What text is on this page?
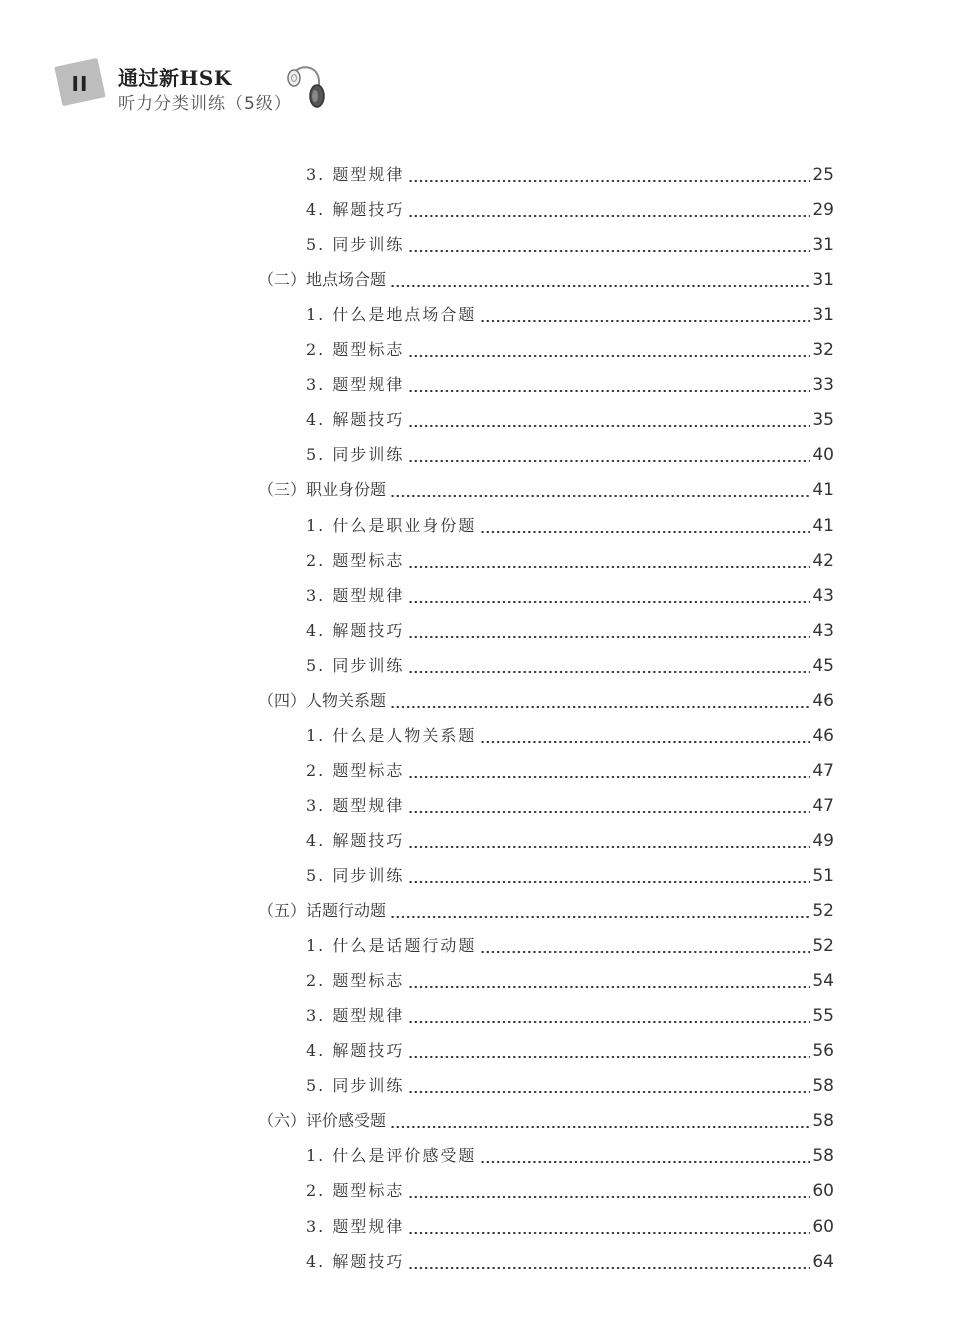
II	通过新HSK
听力分类训练（5级）
3. 题型规律	25
4. 解题技巧	29
5. 同步训练	31
（二）地点场合题	31
1. 什么是地点场合题	31
2. 题型标志	32
3. 题型规律	33
4. 解题技巧	35
5. 同步训练	40
（三）职业身份题	41
1. 什么是职业身份题	41
2. 题型标志	42
3. 题型规律	43
4. 解题技巧	43
5. 同步训练	45
（四）人物关系题	46
1. 什么是人物关系题	46
2. 题型标志	47
3. 题型规律	47
4. 解题技巧	49
5. 同步训练	51
（五）话题行动题	52
1. 什么是话题行动题	52
2. 题型标志	54
3. 题型规律	55
4. 解题技巧	56
5. 同步训练	58
（六）评价感受题	58
1. 什么是评价感受题	58
2. 题型标志	60
3. 题型规律	60
4. 解题技巧	64
